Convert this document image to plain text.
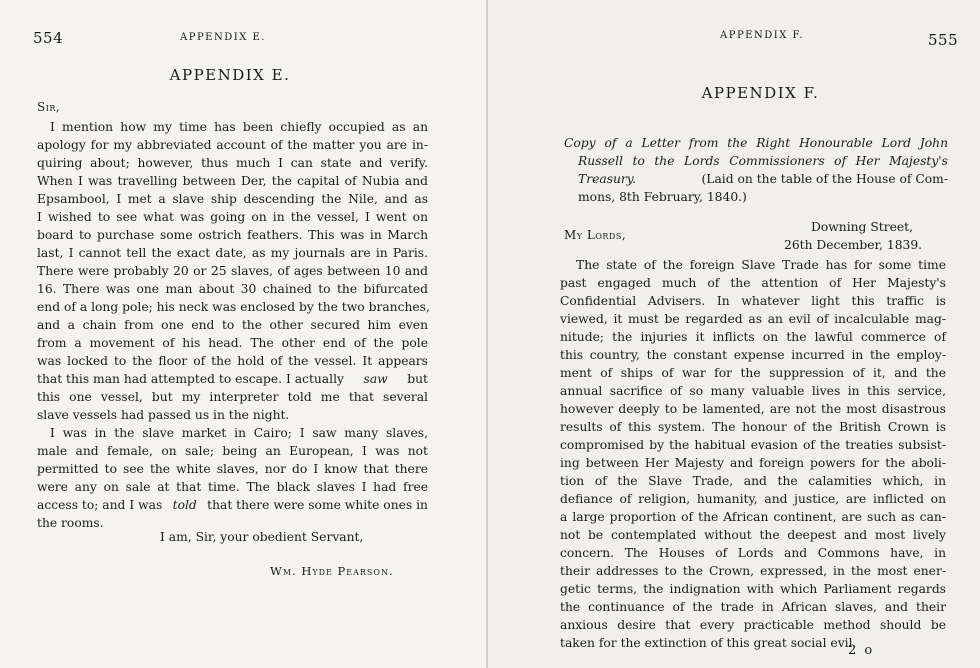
554	APPENDIX E.
APPENDIX E.
Sir,
I mention how my time has been chiefly occupied as an
apology for my abbreviated account of the matter you are in-
quiring about; however, thus much I can state and verify.
When I was travelling between Der, the capital of Nubia and
Epsambool, I met a slave ship descending the Nile, and as
I wished to see what was going on in the vessel, I went on
board to purchase some ostrich feathers. This was in March
last, I cannot tell the exact date, as my journals are in Paris.
There were probably 20 or 25 slaves, of ages between 10 and
16. There was one man about 30 chained to the bifurcated
end of a long pole; his neck was enclosed by the two branches,
and a chain from one end to the other secured him even
from a movement of his head. The other end of the pole
was locked to the floor of the hold of the vessel. It appears
that this man had attempted to escape. I actually saw but
this one vessel, but my interpreter told me that several
slave vessels had passed us in the night.
I was in the slave market in Cairo; I saw many slaves,
male and female, on sale; being an European, I was not
permitted to see the white slaves, nor do I know that there
were any on sale at that time. The black slaves I had free
access to; and I was told that there were some white ones in
the rooms.
I am, Sir, your obedient Servant,
Wm. Hyde Pearson.
APPENDIX F.	555
APPENDIX F.
Copy of a Letter from the Right Honourable Lord John
Russell to the Lords Commissioners of Her Majesty's
Treasury.	(Laid on the table of the House of Com-
mons, 8th February, 1840.)
Downing Street,
My Lords,
26th December, 1839.
The state of the foreign Slave Trade has for some time
past engaged much of the attention of Her Majesty's
Confidential Advisers. In whatever light this traffic is
viewed, it must be regarded as an evil of incalculable mag-
nitude; the injuries it inflicts on the lawful commerce of
this country, the constant expense incurred in the employ-
ment of ships of war for the suppression of it, and the
annual sacrifice of so many valuable lives in this service,
however deeply to be lamented, are not the most disastrous
results of this system. The honour of the British Crown is
compromised by the habitual evasion of the treaties subsist-
ing between Her Majesty and foreign powers for the aboli-
tion of the Slave Trade, and the calamities which, in
defiance of religion, humanity, and justice, are inflicted on
a large proportion of the African continent, are such as can-
not be contemplated without the deepest and most lively
concern. The Houses of Lords and Commons have, in
their addresses to the Crown, expressed, in the most ener-
getic terms, the indignation with which Parliament regards
the continuance of the trade in African slaves, and their
anxious desire that every practicable method should be
taken for the extinction of this great social evil.
2 o
